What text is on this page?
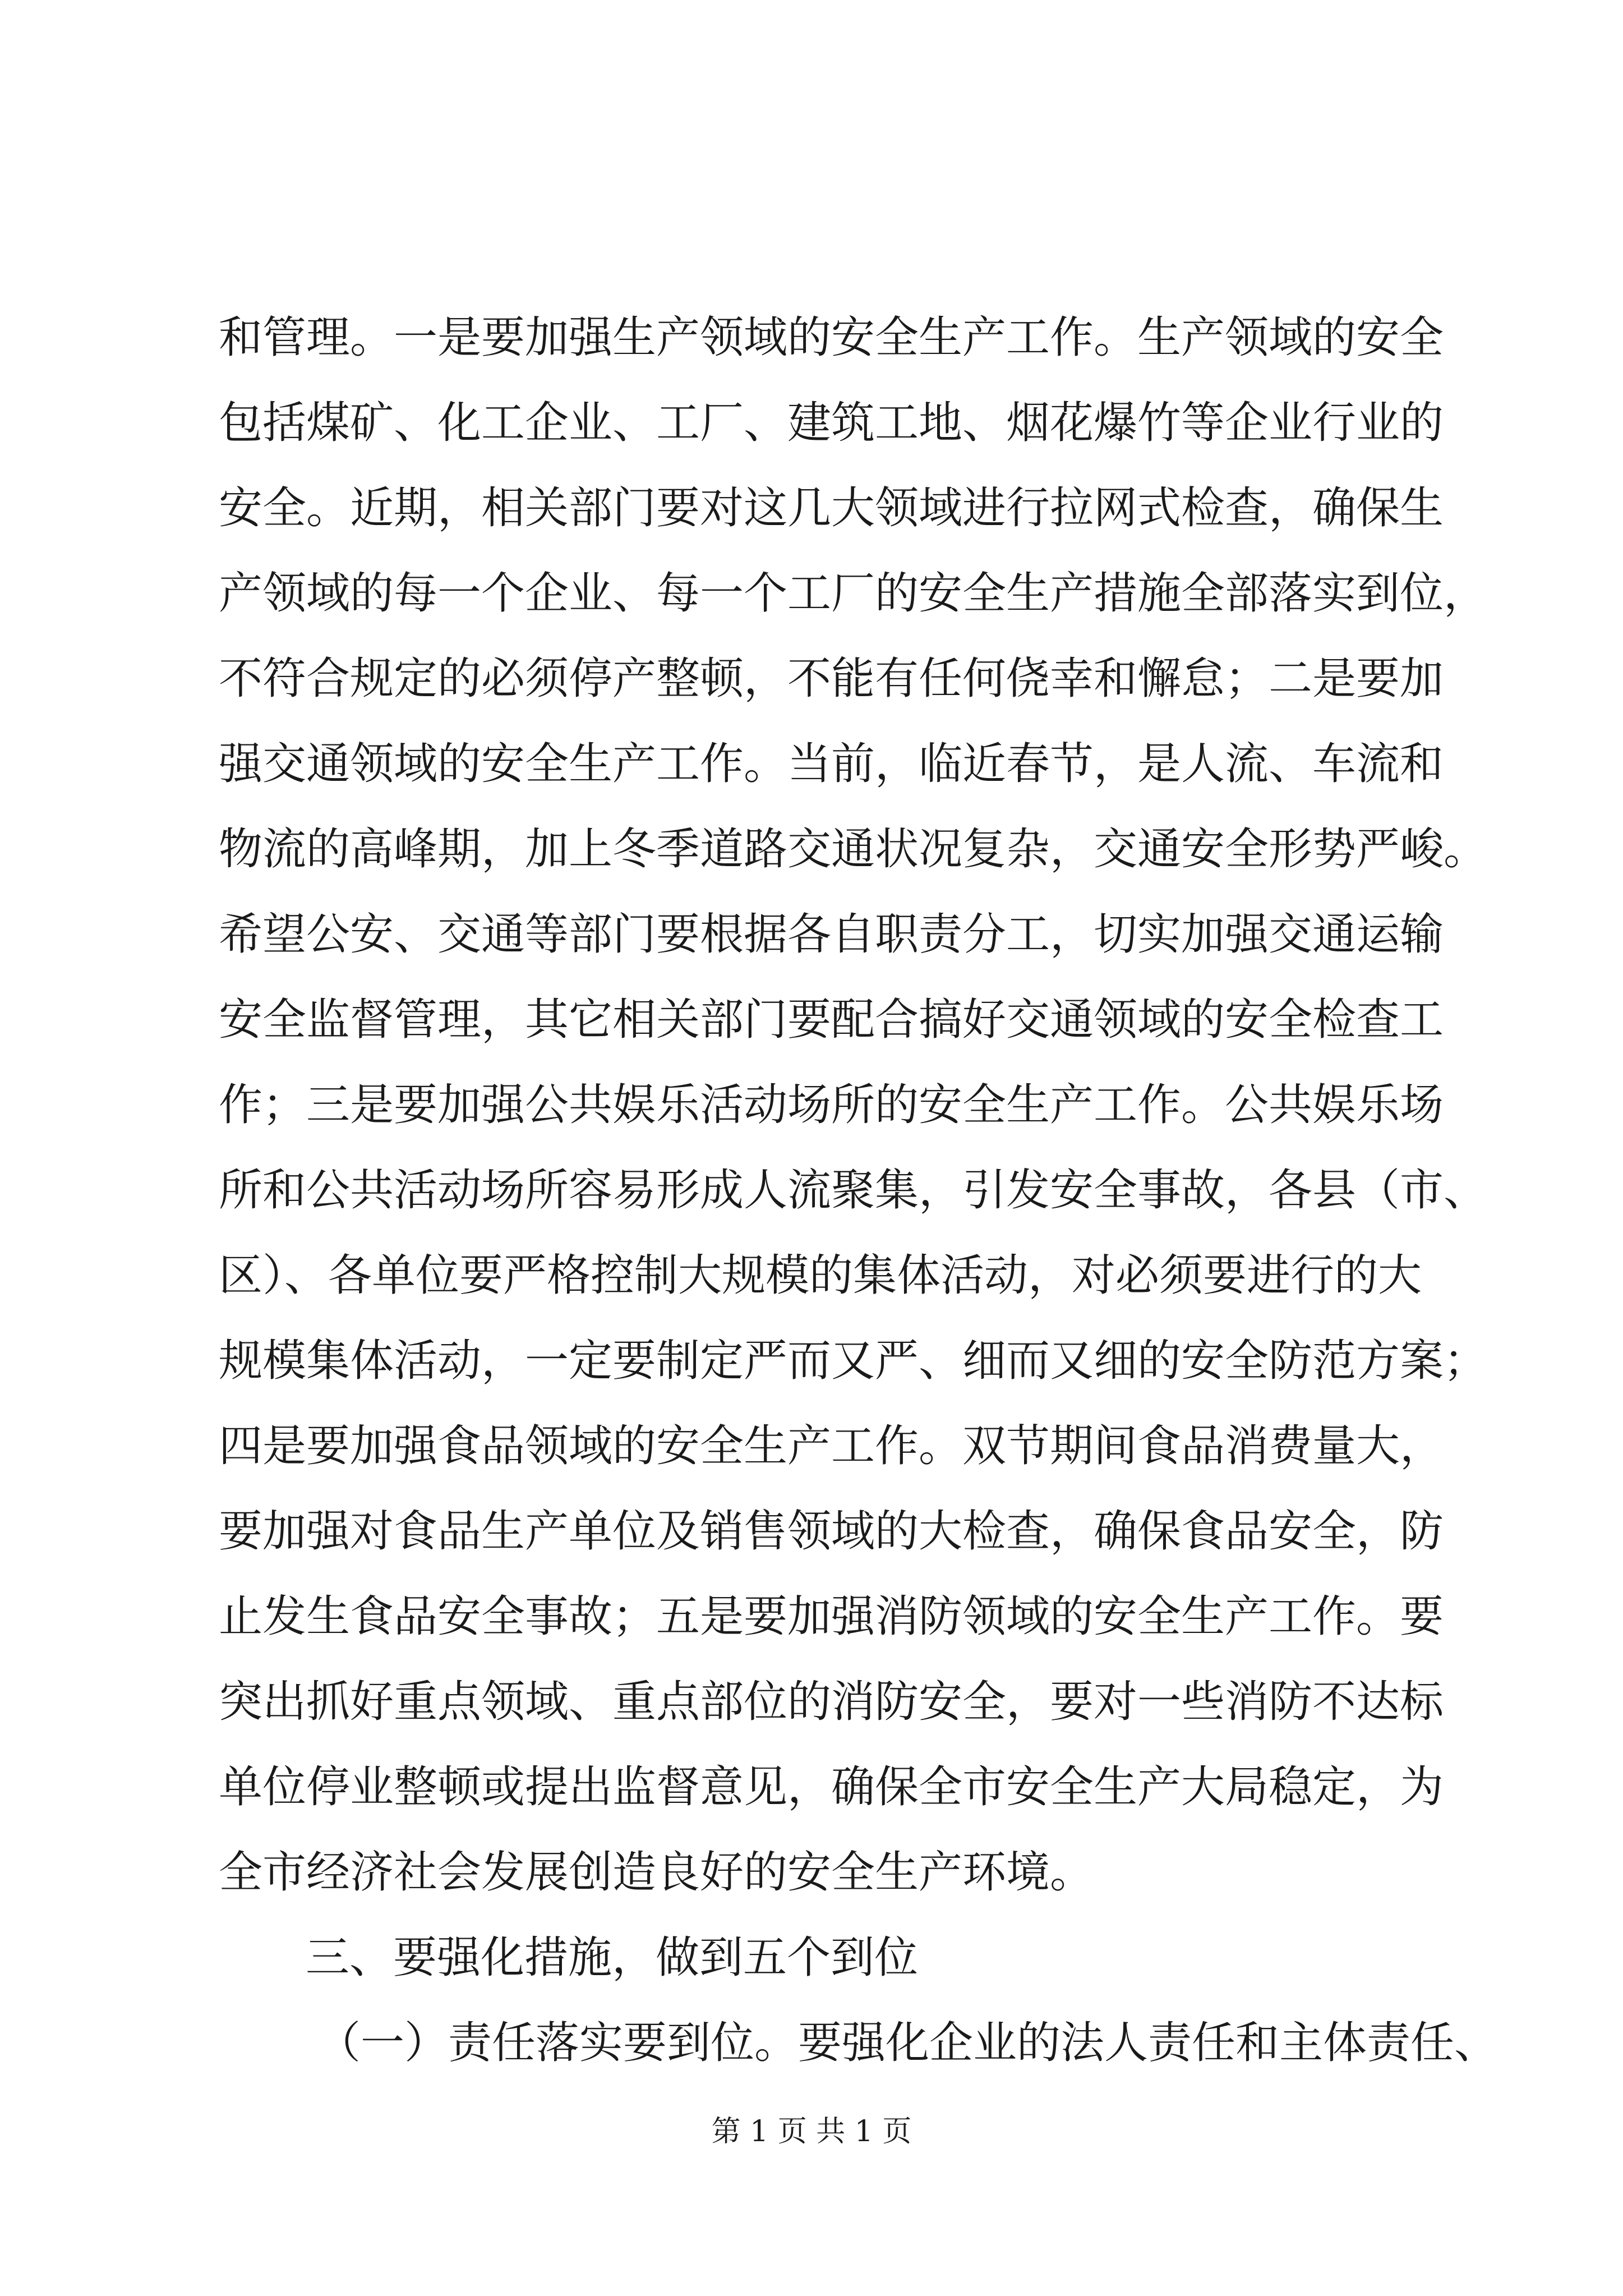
和管理。一是要加强生产领域的安全生产工作。生产领域的安全
包括煤矿、化工企业、工厂、建筑工地、烟花爆竹等企业行业的
安全。近期，相关部门要对这几大领域进行拉网式检查，确保生
产领域的每一个企业、每一个工厂的安全生产措施全部落实到位，
不符合规定的必须停产整顿，不能有任何侥幸和懈怠；二是要加
强交通领域的安全生产工作。当前，临近春节，是人流、车流和
物流的高峰期，加上冬季道路交通状况复杂，交通安全形势严峻。
希望公安、交通等部门要根据各自职责分工，切实加强交通运输
安全监督管理，其它相关部门要配合搞好交通领域的安全检查工
作；三是要加强公共娱乐活动场所的安全生产工作。公共娱乐场
所和公共活动场所容易形成人流聚集，引发安全事故，各县（市、
区）、各单位要严格控制大规模的集体活动，对必须要进行的大
规模集体活动，一定要制定严而又严、细而又细的安全防范方案；
四是要加强食品领域的安全生产工作。双节期间食品消费量大，
要加强对食品生产单位及销售领域的大检查，确保食品安全，防
止发生食品安全事故；五是要加强消防领域的安全生产工作。要
突出抓好重点领域、重点部位的消防安全，要对一些消防不达标
单位停业整顿或提出监督意见，确保全市安全生产大局稳定，为
全市经济社会发展创造良好的安全生产环境。
三、要强化措施，做到五个到位
（一）责任落实要到位。要强化企业的法人责任和主体责任、
第 1 页 共 1 页
